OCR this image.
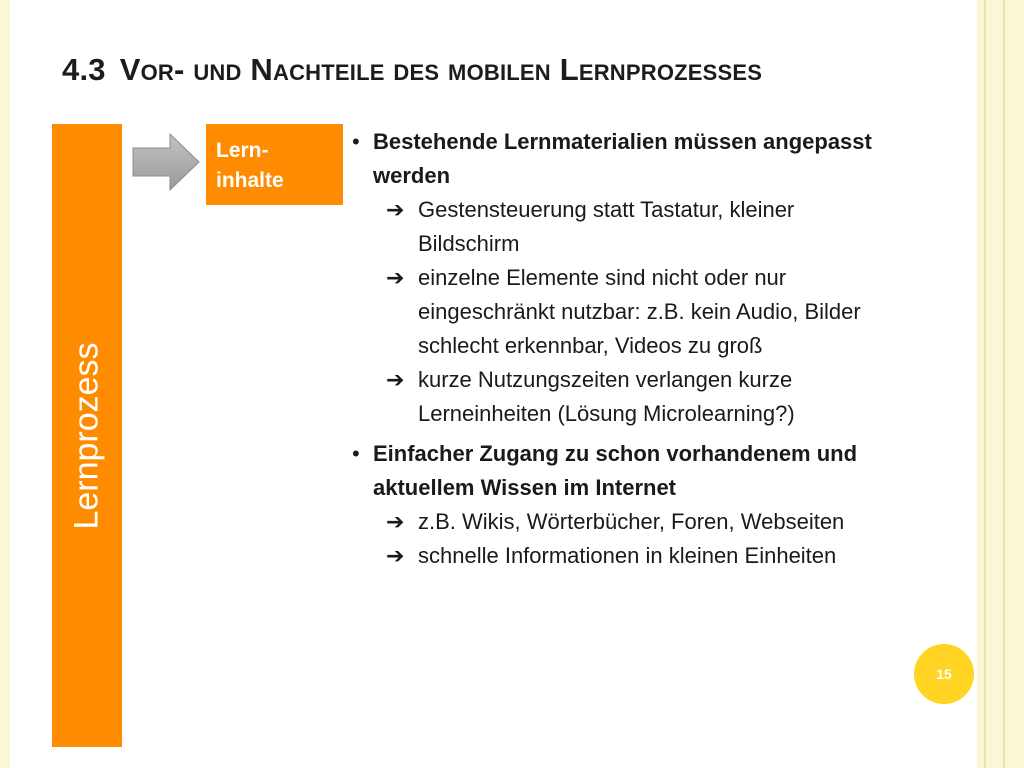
4.3 Vor- und Nachteile des mobilen Lernprozesses
Lernprozess
Lern-
inhalte
• Bestehende Lernmaterialien müssen angepasst
werden
➔ Gestensteuerung statt Tastatur, kleiner
Bildschirm
➔ einzelne Elemente sind nicht oder nur
eingeschränkt nutzbar: z.B. kein Audio, Bilder
schlecht erkennbar, Videos zu groß
➔ kurze Nutzungszeiten verlangen kurze
Lerneinheiten (Lösung Microlearning?)
• Einfacher Zugang zu schon vorhandenem und
aktuellem Wissen im Internet
➔ z.B. Wikis, Wörterbücher, Foren, Webseiten
➔ schnelle Informationen in kleinen Einheiten
15
